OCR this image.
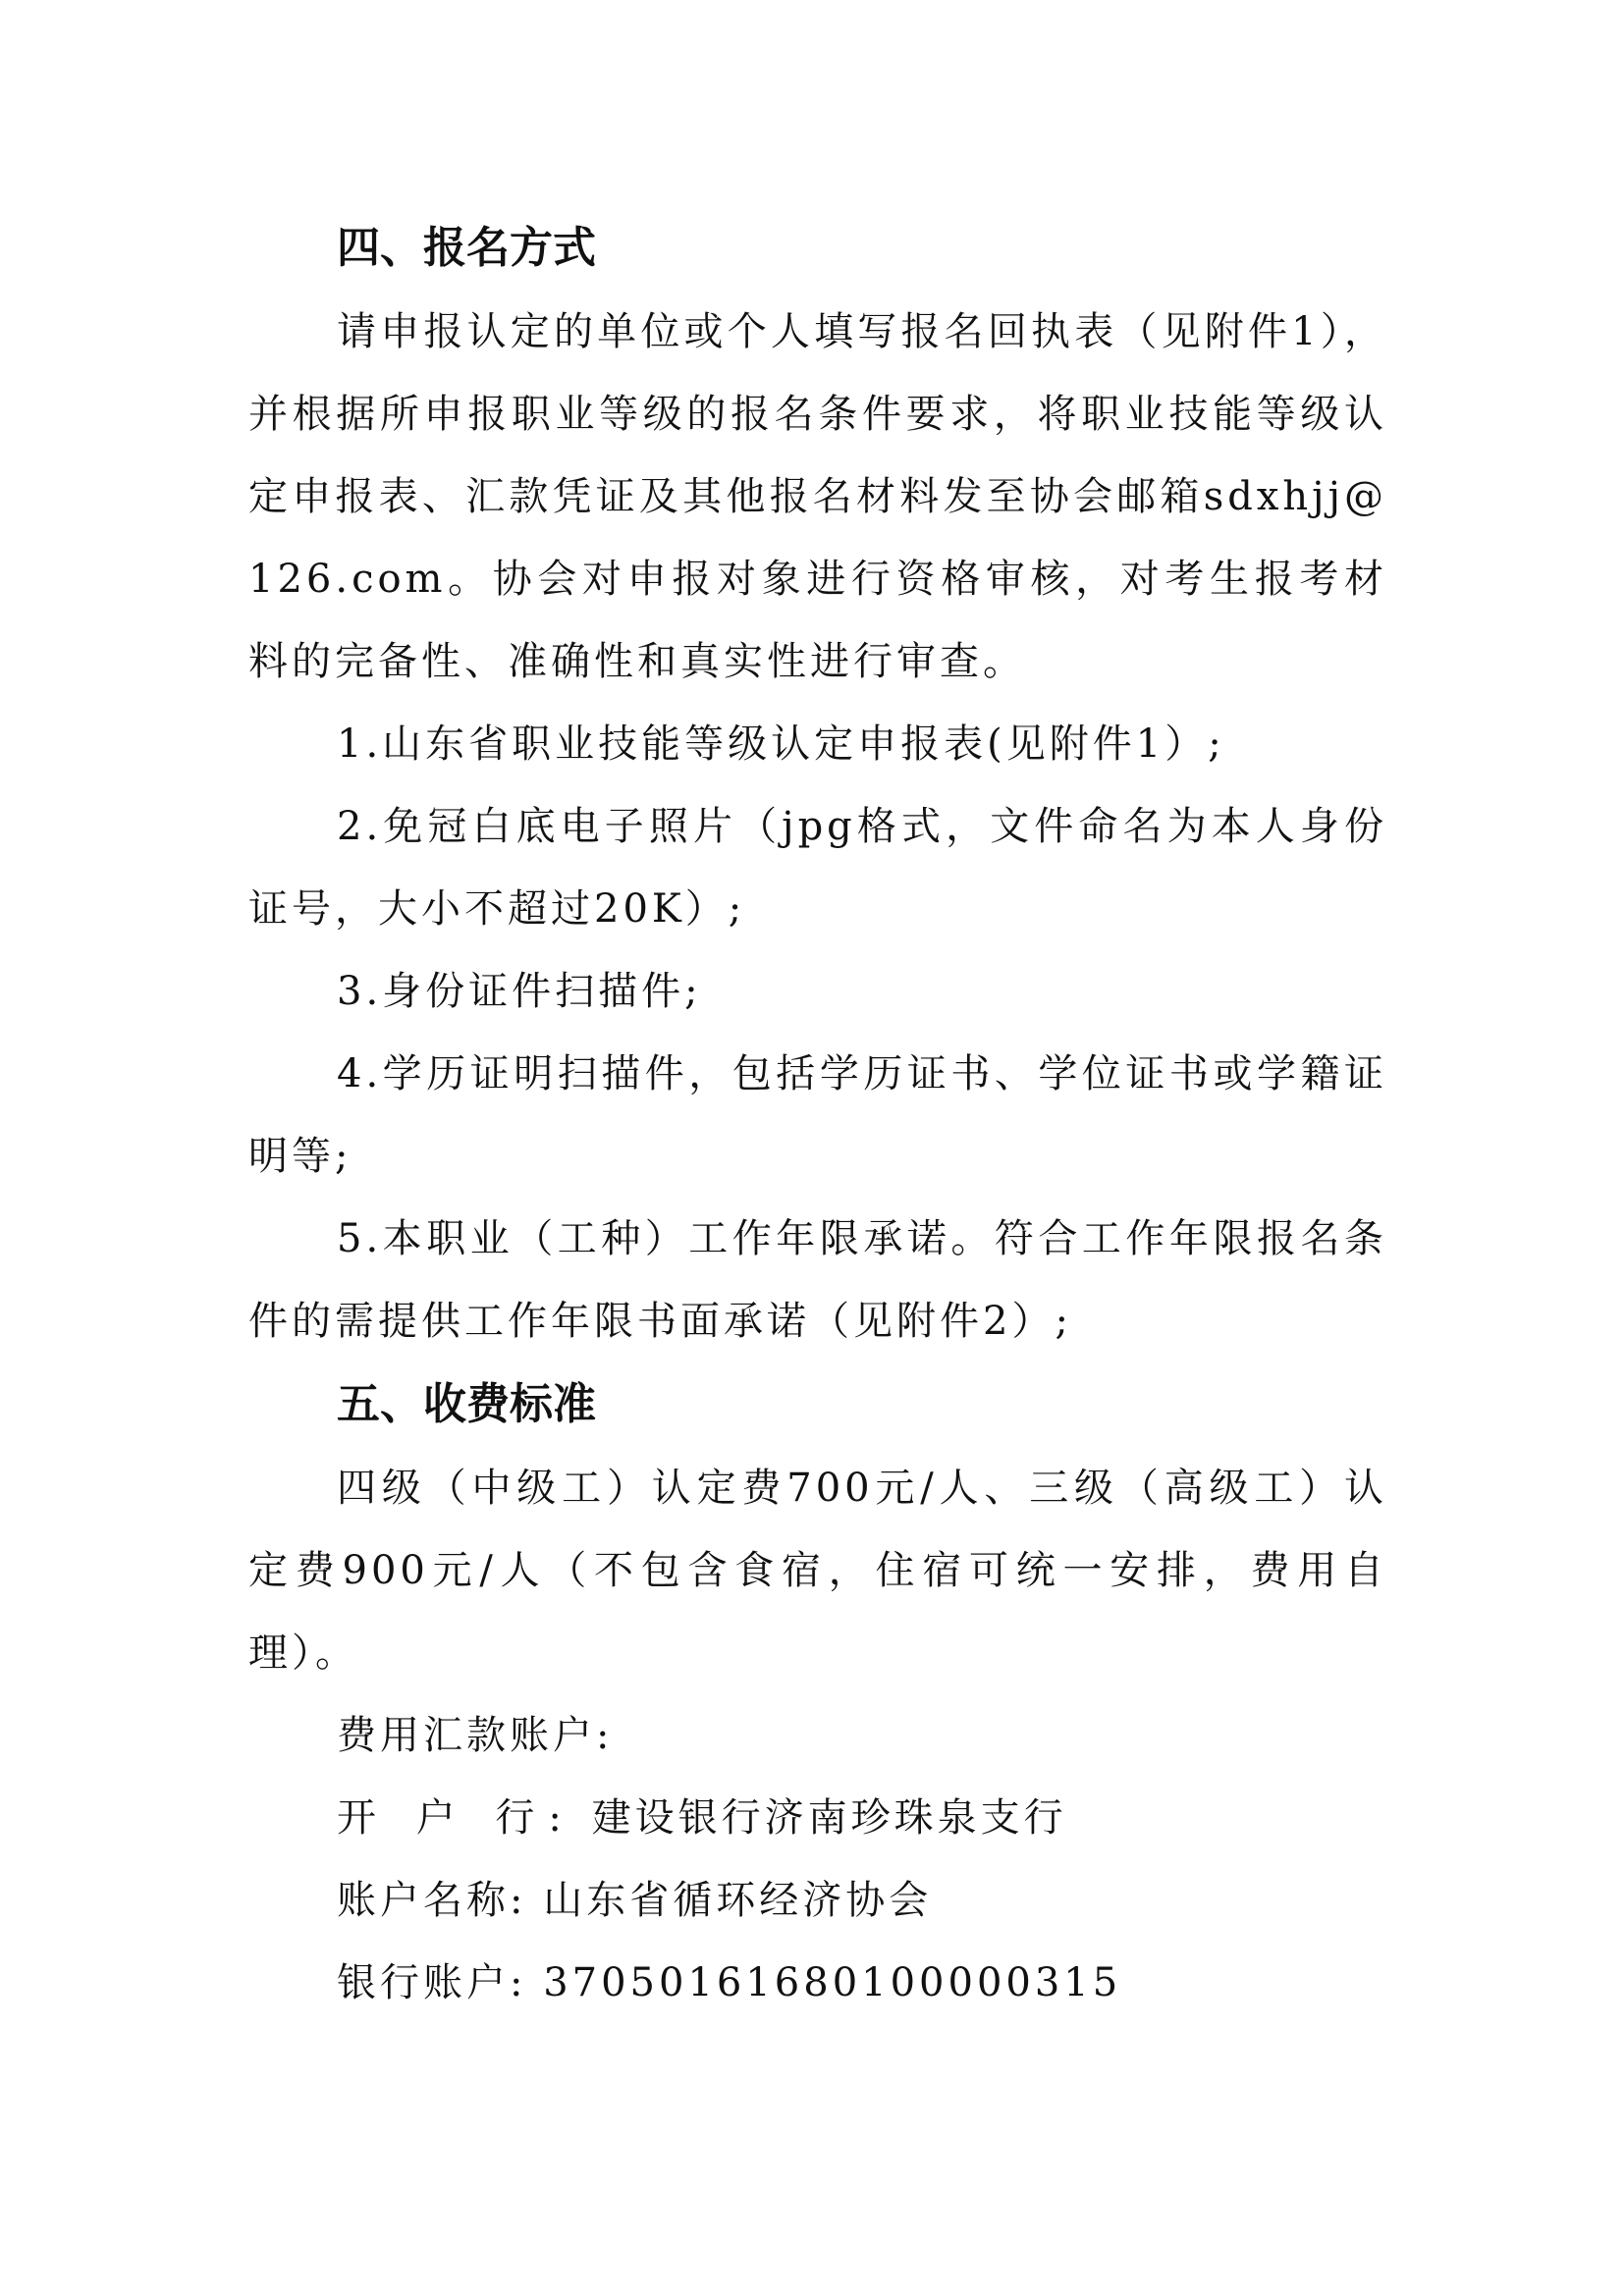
四、报名方式

请申报认定的单位或个人填写报名回执表（见附件1），并根据所申报职业等级的报名条件要求，将职业技能等级认定申报表、汇款凭证及其他报名材料发至协会邮箱sdxhjj@126.com。协会对申报对象进行资格审核，对考生报考材料的完备性、准确性和真实性进行审查。

1.山东省职业技能等级认定申报表(见附件1）;

2.免冠白底电子照片（jpg格式，文件命名为本人身份证号，大小不超过20K）;

3.身份证件扫描件;

4.学历证明扫描件，包括学历证书、学位证书或学籍证明等;

5.本职业（工种）工作年限承诺。符合工作年限报名条件的需提供工作年限书面承诺（见附件2）;

五、收费标准

四级（中级工）认定费700元/人、三级（高级工）认定费900元/人（不包含食宿，住宿可统一安排，费用自理）。

费用汇款账户:
开 户 行: 建设银行济南珍珠泉支行
账户名称: 山东省循环经济协会
银行账户: 37050161680100000315
